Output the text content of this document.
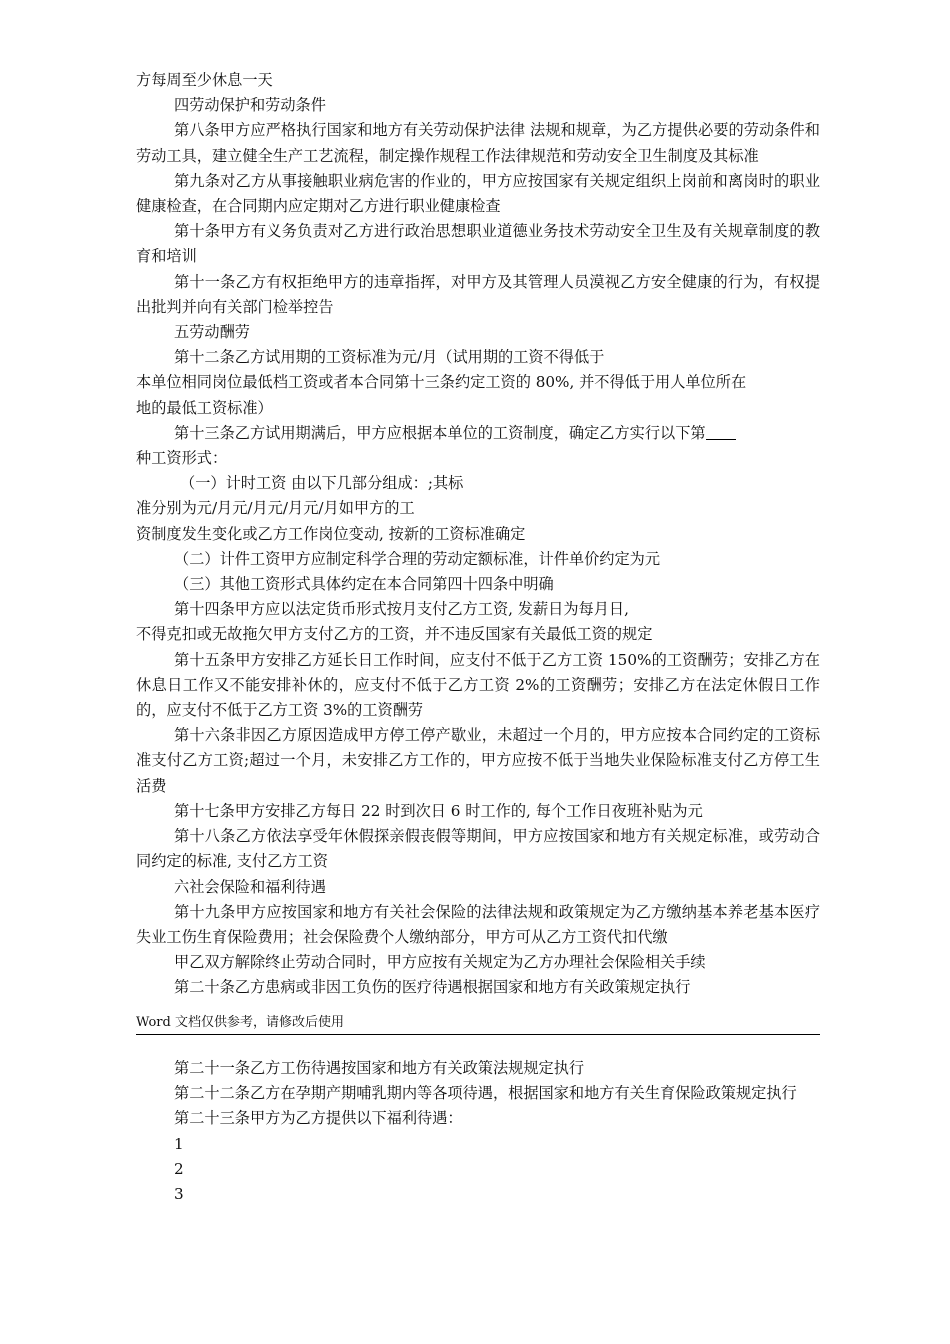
方每周至少休息一天

四劳动保护和劳动条件

第八条甲方应严格执行国家和地方有关劳动保护法律 法规和规章，为乙方提供必要的劳动条件和劳动工具，建立健全生产工艺流程，制定操作规程工作法律规范和劳动安全卫生制度及其标准

第九条对乙方从事接触职业病危害的作业的，甲方应按国家有关规定组织上岗前和离岗时的职业健康检查，在合同期内应定期对乙方进行职业健康检查

第十条甲方有义务负责对乙方进行政治思想职业道德业务技术劳动安全卫生及有关规章制度的教育和培训

第十一条乙方有权拒绝甲方的违章指挥，对甲方及其管理人员漠视乙方安全健康的行为，有权提出批判并向有关部门检举控告

五劳动酬劳

第十二条乙方试用期的工资标准为元/月（试用期的工资不得低于

本单位相同岗位最低档工资或者本合同第十三条约定工资的 80%, 并不得低于用人单位所在

地的最低工资标准）

第十三条乙方试用期满后，甲方应根据本单位的工资制度，确定乙方实行以下第

种工资形式：

（一）计时工资 由以下几部分组成：;其标

准分别为元/月元/月元/月元/月如甲方的工

资制度发生变化或乙方工作岗位变动, 按新的工资标准确定

（二）计件工资甲方应制定科学合理的劳动定额标准，计件单价约定为元

（三）其他工资形式具体约定在本合同第四十四条中明确

第十四条甲方应以法定货币形式按月支付乙方工资, 发薪日为每月日,

不得克扣或无故拖欠甲方支付乙方的工资，并不违反国家有关最低工资的规定

第十五条甲方安排乙方延长日工作时间，应支付不低于乙方工资 150%的工资酬劳；安排乙方在休息日工作又不能安排补休的，应支付不低于乙方工资 2%的工资酬劳；安排乙方在法定休假日工作的，应支付不低于乙方工资 3%的工资酬劳

第十六条非因乙方原因造成甲方停工停产歇业，未超过一个月的，甲方应按本合同约定的工资标准支付乙方工资;超过一个月，未安排乙方工作的，甲方应按不低于当地失业保险标准支付乙方停工生活费

第十七条甲方安排乙方每日 22 时到次日 6 时工作的, 每个工作日夜班补贴为元

第十八条乙方依法享受年休假探亲假丧假等期间，甲方应按国家和地方有关规定标准，或劳动合同约定的标准, 支付乙方工资

六社会保险和福利待遇

第十九条甲方应按国家和地方有关社会保险的法律法规和政策规定为乙方缴纳基本养老基本医疗失业工伤生育保险费用；社会保险费个人缴纳部分，甲方可从乙方工资代扣代缴

甲乙双方解除终止劳动合同时，甲方应按有关规定为乙方办理社会保险相关手续

第二十条乙方患病或非因工负伤的医疗待遇根据国家和地方有关政策规定执行

Word 文档仅供参考，请修改后使用

第二十一条乙方工伤待遇按国家和地方有关政策法规规定执行

第二十二条乙方在孕期产期哺乳期内等各项待遇，根据国家和地方有关生育保险政策规定执行

第二十三条甲方为乙方提供以下福利待遇：

1

2

3
